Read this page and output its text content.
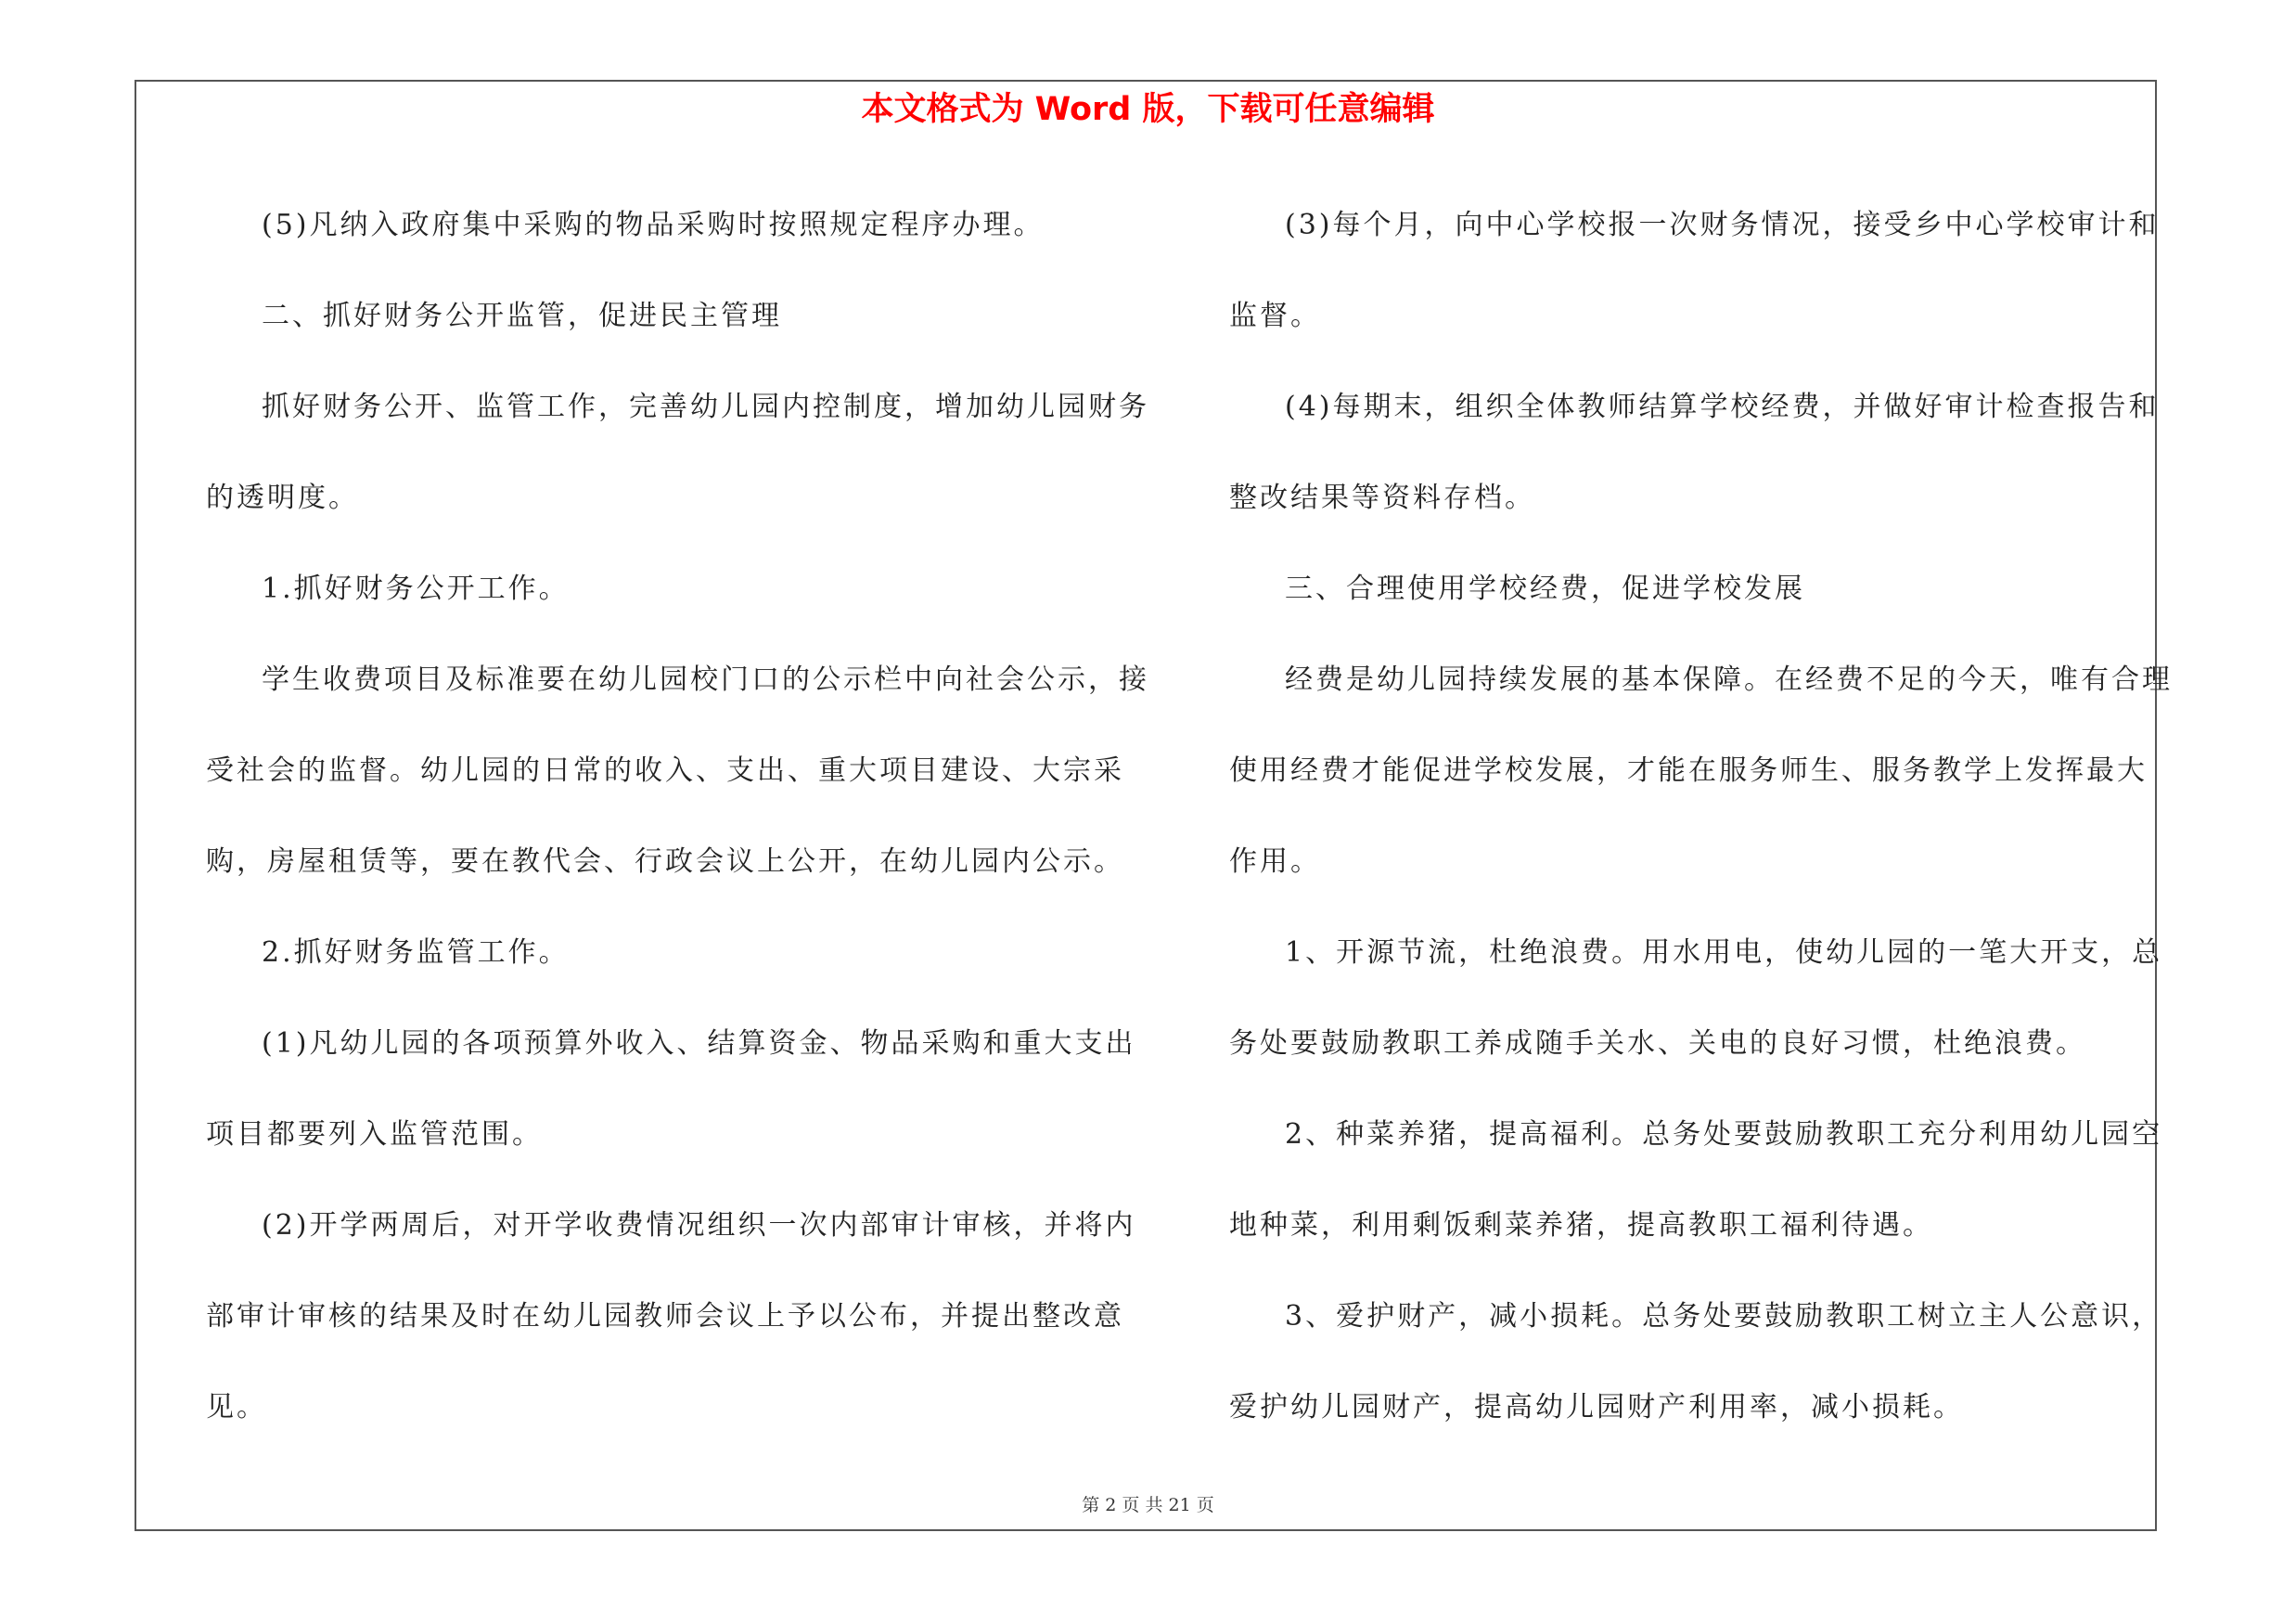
本文格式为 Word 版，下载可任意编辑

(5)凡纳入政府集中采购的物品采购时按照规定程序办理。

二、抓好财务公开监管，促进民主管理

抓好财务公开、监管工作，完善幼儿园内控制度，增加幼儿园财务的透明度。

1.抓好财务公开工作。

学生收费项目及标准要在幼儿园校门口的公示栏中向社会公示，接受社会的监督。幼儿园的日常的收入、支出、重大项目建设、大宗采购，房屋租赁等，要在教代会、行政会议上公开，在幼儿园内公示。

2.抓好财务监管工作。

(1)凡幼儿园的各项预算外收入、结算资金、物品采购和重大支出项目都要列入监管范围。

(2)开学两周后，对开学收费情况组织一次内部审计审核，并将内部审计审核的结果及时在幼儿园教师会议上予以公布，并提出整改意见。

(3)每个月，向中心学校报一次财务情况，接受乡中心学校审计和监督。

(4)每期末，组织全体教师结算学校经费，并做好审计检查报告和整改结果等资料存档。

三、合理使用学校经费，促进学校发展

经费是幼儿园持续发展的基本保障。在经费不足的今天，唯有合理使用经费才能促进学校发展，才能在服务师生、服务教学上发挥最大作用。

1、开源节流，杜绝浪费。用水用电，使幼儿园的一笔大开支，总务处要鼓励教职工养成随手关水、关电的良好习惯，杜绝浪费。

2、种菜养猪，提高福利。总务处要鼓励教职工充分利用幼儿园空地种菜，利用剩饭剩菜养猪，提高教职工福利待遇。

3、爱护财产，减小损耗。总务处要鼓励教职工树立主人公意识，爱护幼儿园财产，提高幼儿园财产利用率，减小损耗。

第 2 页 共 21 页
